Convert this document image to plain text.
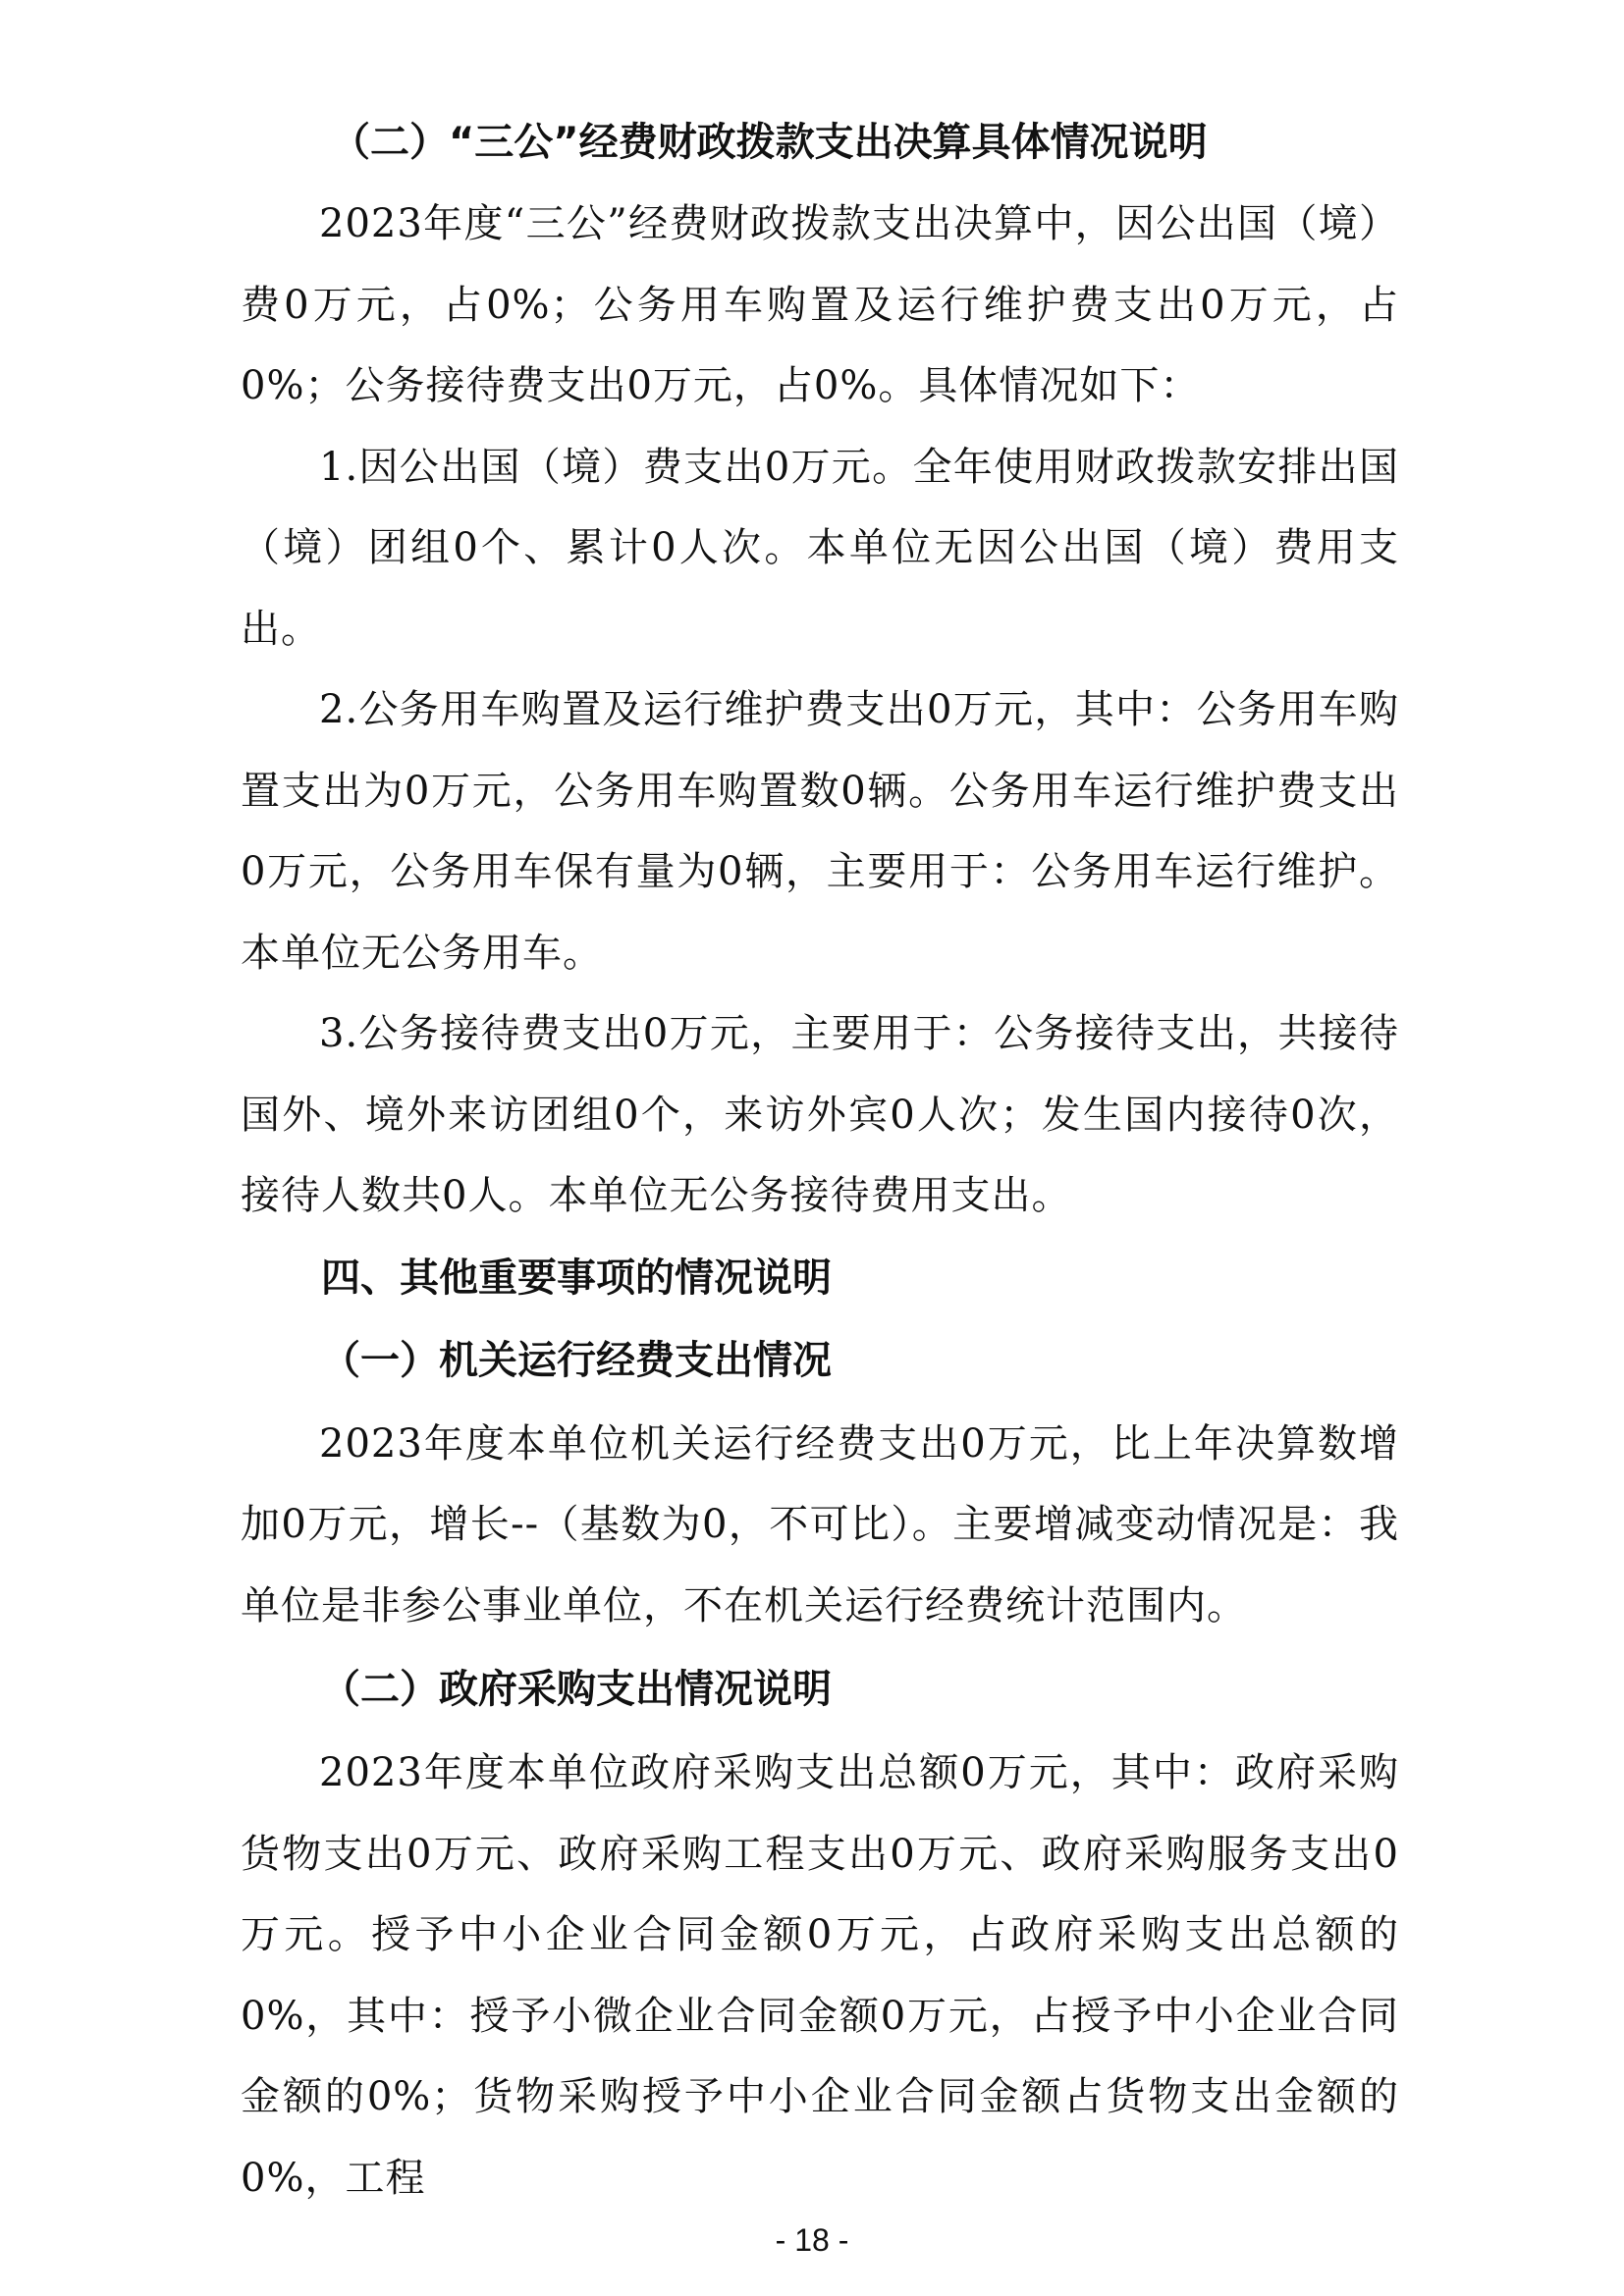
（二）“三公”经费财政拨款支出决算具体情况说明

2023年度“三公”经费财政拨款支出决算中，因公出国（境）费0万元，占0%；公务用车购置及运行维护费支出0万元，占0%；公务接待费支出0万元，占0%。具体情况如下：

1.因公出国（境）费支出0万元。全年使用财政拨款安排出国（境）团组0个、累计0人次。本单位无因公出国（境）费用支出。

2.公务用车购置及运行维护费支出0万元，其中：公务用车购置支出为0万元，公务用车购置数0辆。公务用车运行维护费支出0万元，公务用车保有量为0辆，主要用于：公务用车运行维护。本单位无公务用车。

3.公务接待费支出0万元，主要用于：公务接待支出，共接待国外、境外来访团组0个，来访外宾0人次；发生国内接待0次，接待人数共0人。本单位无公务接待费用支出。

四、其他重要事项的情况说明
（一）机关运行经费支出情况

2023年度本单位机关运行经费支出0万元，比上年决算数增加0万元，增长--（基数为0，不可比）。主要增减变动情况是：我单位是非参公事业单位，不在机关运行经费统计范围内。

（二）政府采购支出情况说明

2023年度本单位政府采购支出总额0万元，其中：政府采购货物支出0万元、政府采购工程支出0万元、政府采购服务支出0万元。授予中小企业合同金额0万元，占政府采购支出总额的0%，其中：授予小微企业合同金额0万元，占授予中小企业合同金额的0%；货物采购授予中小企业合同金额占货物支出金额的0%，工程

- 18 -
